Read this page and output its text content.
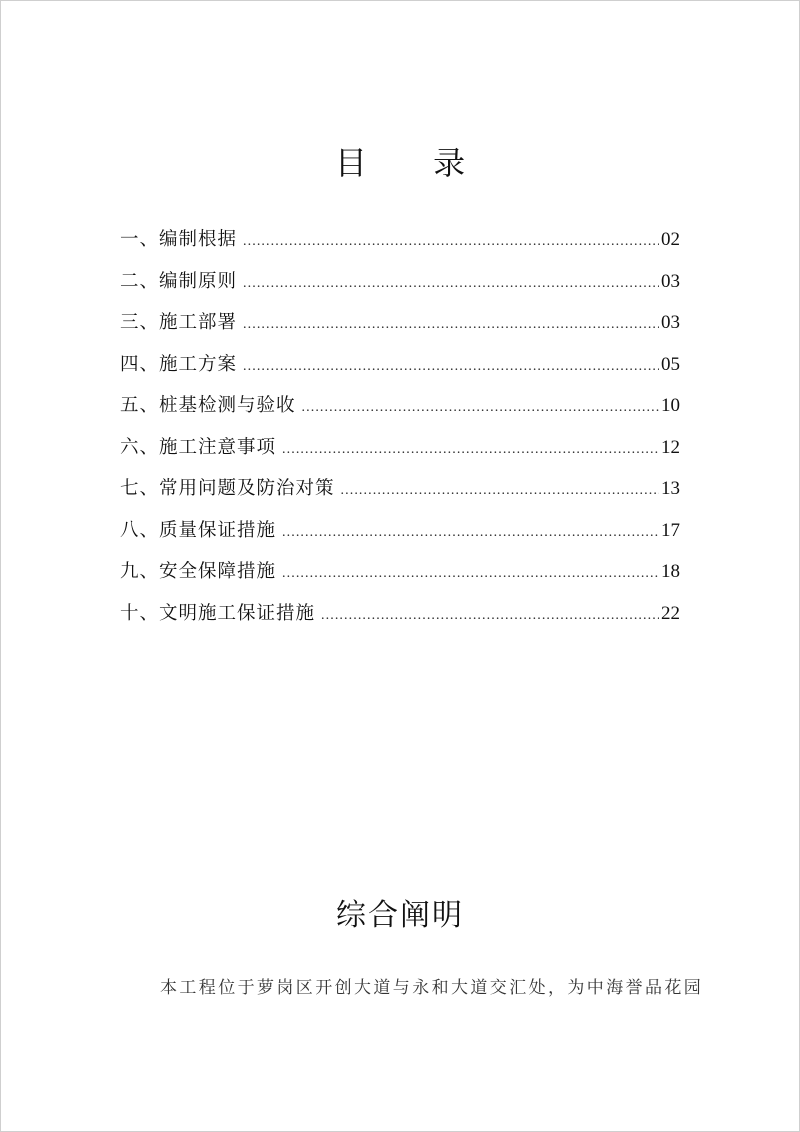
目 录
一、编制根据 .....	02
二、编制原则 .....	03
三、施工部署 .....	03
四、施工方案 .....	05
五、桩基检测与验收 .....	10
六、施工注意事项 .....	12
七、常用问题及防治对策 .....	13
八、质量保证措施 .....	17
九、安全保障措施 .....	18
十、文明施工保证措施 .....	22
综合阐明
本工程位于萝岗区开创大道与永和大道交汇处，为中海誉品花园
